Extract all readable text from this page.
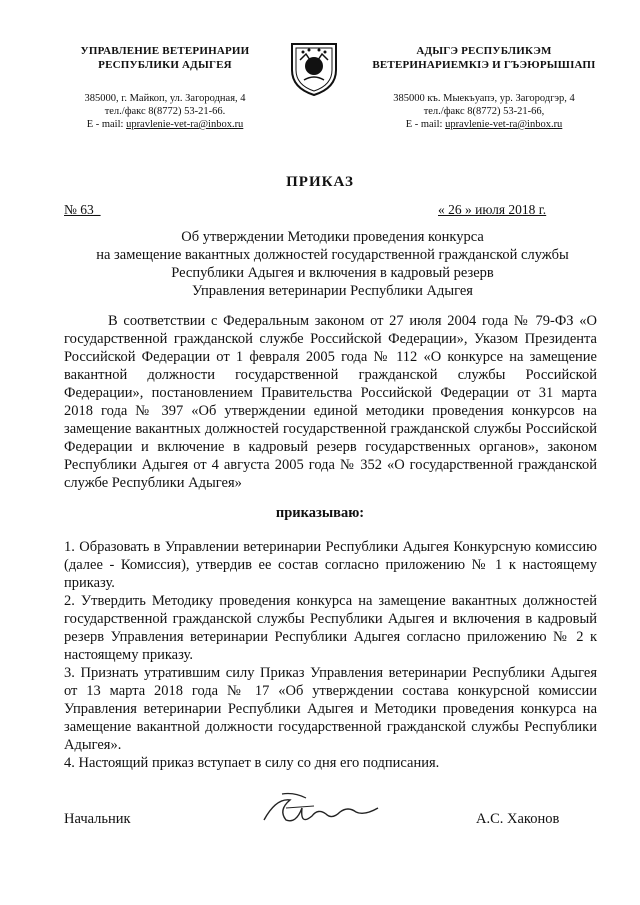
УПРАВЛЕНИЕ ВЕТЕРИНАРИИ
РЕСПУБЛИКИ АДЫГЕЯ
385000, г. Майкоп, ул. Загородная, 4
тел./факс 8(8772) 53-21-66.
E - mail: upravlenie-vet-ra@inbox.ru
АДЫГЭ РЕСПУБЛИКЭМ
ВЕТЕРИНАРИЕМКIЭ И ГЪЭЮРЫШIАПI
385000 къ. Мыекъуапэ, ур. Загородгэр, 4
тел./факс 8(8772) 53-21-66,
E - mail: upravlenie-vet-ra@inbox.ru
ПРИКАЗ
№ 63_	« 26 » июля 2018 г.
Об утверждении Методики проведения конкурса
на замещение вакантных должностей государственной гражданской службы
Республики Адыгея и включения в кадровый резерв
Управления ветеринарии Республики Адыгея

В соответствии с Федеральным законом от 27 июля 2004 года № 79-ФЗ «О государственной гражданской службе Российской Федерации», Указом Президента Российской Федерации от 1 февраля 2005 года № 112 «О конкурсе на замещение вакантной должности государственной гражданской службы Российской Федерации», постановлением Правительства Российской Федерации от 31 марта 2018 года № 397 «Об утверждении единой методики проведения конкурсов на замещение вакантных должностей государственной гражданской службы Российской Федерации и включение в кадровый резерв государственных органов», законом Республики Адыгея от 4 августа 2005 года № 352 «О государственной гражданской службе Республики Адыгея»

приказываю:

1. Образовать в Управлении ветеринарии Республики Адыгея Конкурсную комиссию (далее - Комиссия), утвердив ее состав согласно приложению № 1 к настоящему приказу.

2. Утвердить Методику проведения конкурса на замещение вакантных должностей государственной гражданской службы Республики Адыгея и включения в кадровый резерв Управления ветеринарии Республики Адыгея согласно приложению № 2 к настоящему приказу.

3. Признать утратившим силу Приказ Управления ветеринарии Республики Адыгея от 13 марта 2018 года № 17 «Об утверждении состава конкурсной комиссии Управления ветеринарии Республики Адыгея и Методики проведения конкурса на замещение вакантной должности государственной гражданской службы Республики Адыгея».

4. Настоящий приказ вступает в силу со дня его подписания.

Начальник	А.С. Хаконов
